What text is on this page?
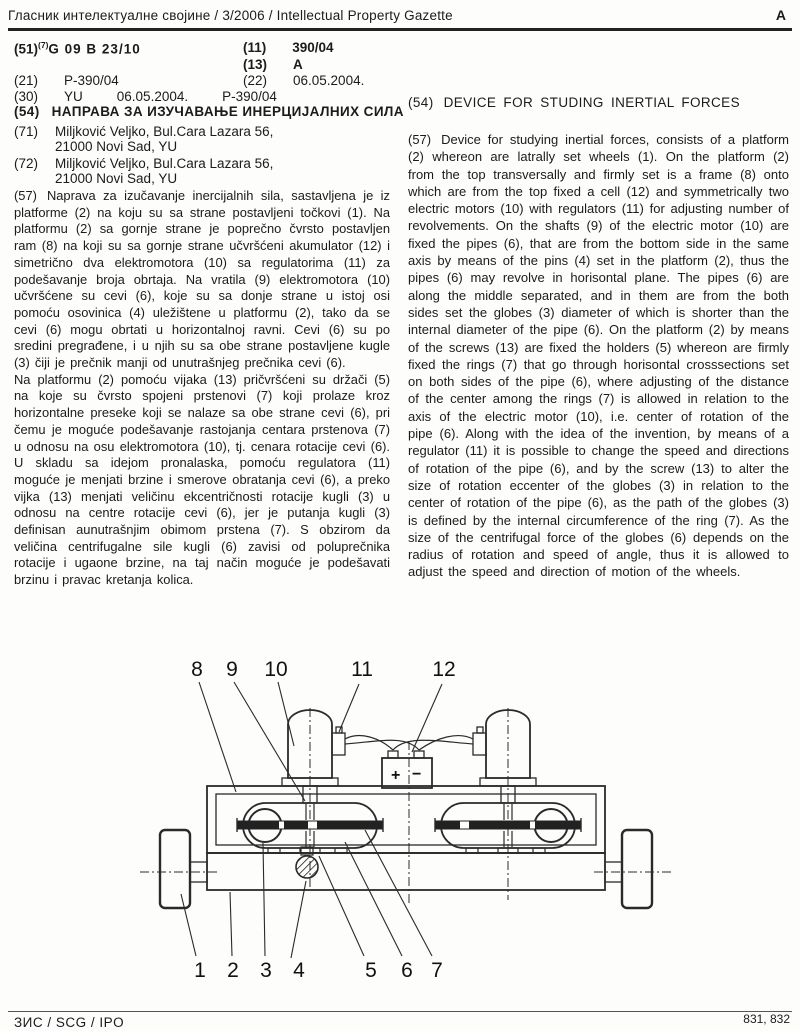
Гласник интелектуалне својине / 3/2006 / Intellectual Property Gazette	A
$(51)^{(7)}G$ 09 B 23/10	(11) 390/04
(13) A
(21) P-390/04	(22) 06.05.2004.
(30) YU	06.05.2004.	P-390/04
(54) НАПРАВА ЗА ИЗУЧАВАЊЕ ИНЕРЦИЈАЛНИХ СИЛА
(71)	Miljković Veljko, Bul.Cara Lazara 56,
21000 Novi Sad, YU
(72)	Miljković Veljko, Bul.Cara Lazara 56,
21000 Novi Sad, YU
(57) Naprava za izučavanje inercijalnih sila, sastavljena je iz platforme (2) na koju su sa strane postavljeni točkovi (1). Na platformu (2) sa gornje strane je poprečno čvrsto postavljen ram (8) na koji su sa gornje strane učvršćeni akumulator (12) i simetrično dva elektromotora (10) sa regulatorima (11) za podešavanje broja obrtaja. Na vratila (9) elektromotora (10) učvršćene su cevi (6), koje su sa donje strane u istoj osi pomoću osovinica (4) uležištene u platformu (2), tako da se cevi (6) mogu obrtati u horizontalnoj ravni. Cevi (6) su po sredini pregrađene, i u njih su sa obe strane postavljene kugle (3) čiji je prečnik manji od unutrašnjeg prečnika cevi (6).
Na platformu (2) pomoću vijaka (13) pričvršćeni su držači (5) na koje su čvrsto spojeni prstenovi (7) koji prolaze kroz horizontalne preseke koji se nalaze sa obe strane cevi (6), pri čemu je moguće podešavanje rastojanja centara prstenova (7) u odnosu na osu elektromotora (10), tj. cenara rotacije cevi (6). U skladu sa idejom pronalaska, pomoću regulatora (11) moguće je menjati brzine i smerove obratanja cevi (6), a preko vijka (13) menjati veličinu ekcentričnosti rotacije kugli (3) u odnosu na centre rotacije cevi (6), jer je putanja kugli (3) definisan aunutrašnjim obimom prstena (7). S obzirom da veličina centrifugalne sile kugli (6) zavisi od poluprečnika rotacije i ugaone brzine, na taj način moguće je podešavati brzinu i pravac kretanja kolica.
(54) DEVICE FOR STUDING INERTIAL FORCES
(57) Device for studying inertial forces, consists of a platform (2) whereon are latrally set wheels (1). On the platform (2) from the top transversally and firmly set is a frame (8) onto which are from the top fixed a cell (12) and symmetrically two electric motors (10) with regulators (11) for adjusting number of revolvements. On the shafts (9) of the electric motor (10) are fixed the pipes (6), that are from the bottom side in the same axis by means of the pins (4) set in the platform (2), thus the pipes (6) may revolve in horisontal plane. The pipes (6) are along the middle separated, and in them are from the both sides set the globes (3) diameter of which is shorter than the internal diameter of the pipe (6). On the platform (2) by means of the screws (13) are fixed the holders (5) whereon are firmly fixed the rings (7) that go through horisontal crosssections set on both sides of the pipe (6), where adjusting of the distance of the center among the rings (7) is allowed in relation to the axis of the electric motor (10), i.e. center of rotation of the pipe (6). Along with the idea of the invention, by means of a regulator (11) it is possible to change the speed and directions of rotation of the pipe (6), and by the screw (13) to alter the size of rotation eccenter of the globes (3) in relation to the center of rotation of the pipe (6), as the path of the globes (3) is defined by the internal circumference of the ring (7). As the size of the centrifugal force of the globes (6) depends on the radius of rotation and speed of angle, thus it is allowed to adjust the speed and direction of motion of the wheels.
+ −
8 9 10	11	12
1 2 3 4	5 6 7
ЗИС / SCG / IPO	831, 832
